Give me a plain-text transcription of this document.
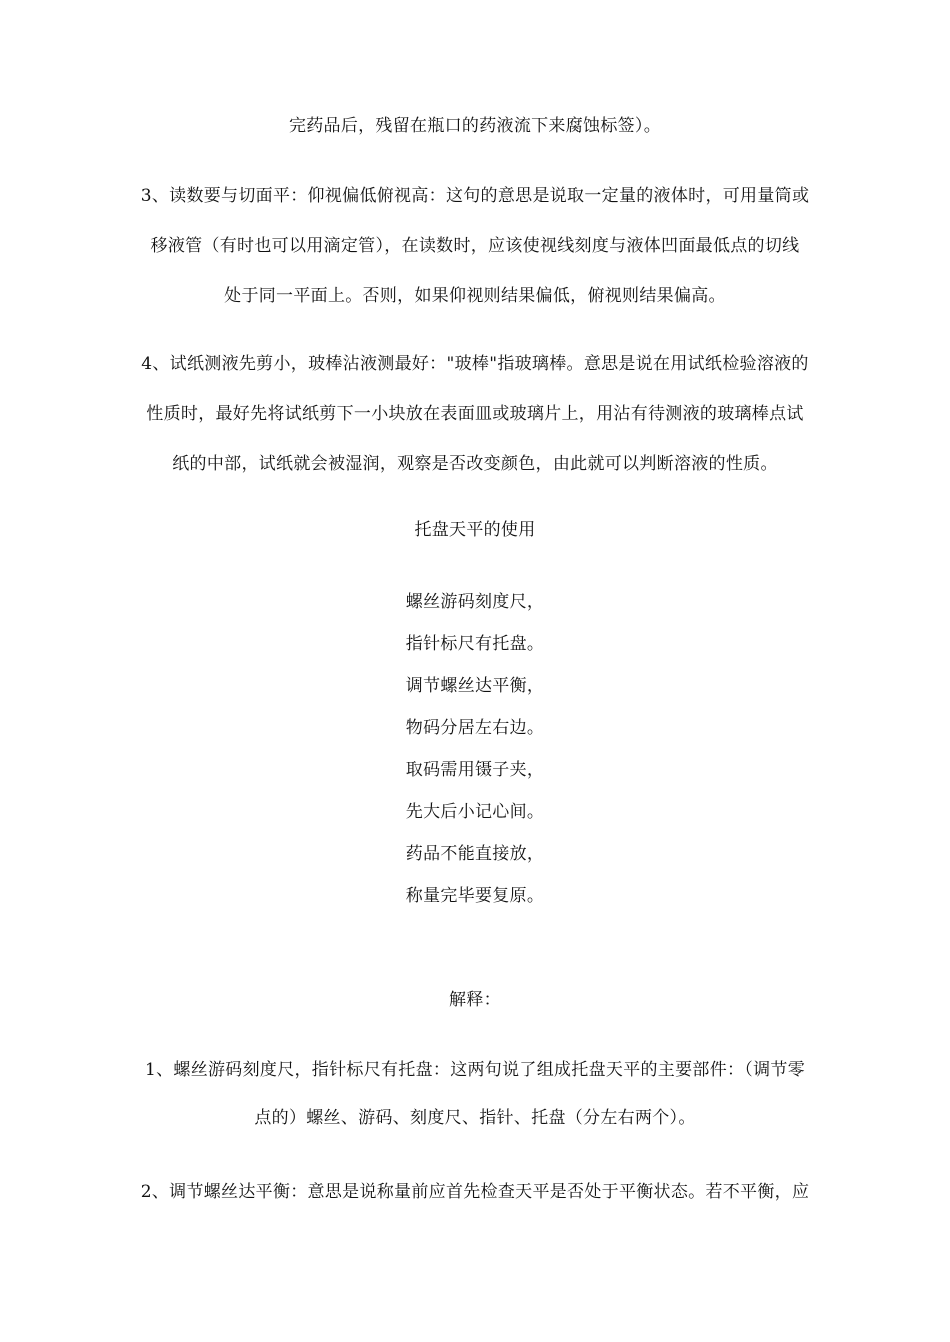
完药品后，残留在瓶口的药液流下来腐蚀标签）。
3、读数要与切面平：仰视偏低俯视高：这句的意思是说取一定量的液体时，可用量筒或
移液管（有时也可以用滴定管），在读数时，应该使视线刻度与液体凹面最低点的切线
处于同一平面上。否则，如果仰视则结果偏低，俯视则结果偏高。
4、试纸测液先剪小，玻棒沾液测最好："玻棒"指玻璃棒。意思是说在用试纸检验溶液的
性质时，最好先将试纸剪下一小块放在表面皿或玻璃片上，用沾有待测液的玻璃棒点试
纸的中部，试纸就会被湿润，观察是否改变颜色，由此就可以判断溶液的性质。
托盘天平的使用
螺丝游码刻度尺，
指针标尺有托盘。
调节螺丝达平衡，
物码分居左右边。
取码需用镊子夹，
先大后小记心间。
药品不能直接放，
称量完毕要复原。
解释：
1、螺丝游码刻度尺，指针标尺有托盘：这两句说了组成托盘天平的主要部件：（调节零
点的）螺丝、游码、刻度尺、指针、托盘（分左右两个）。
2、调节螺丝达平衡：意思是说称量前应首先检查天平是否处于平衡状态。若不平衡，应
